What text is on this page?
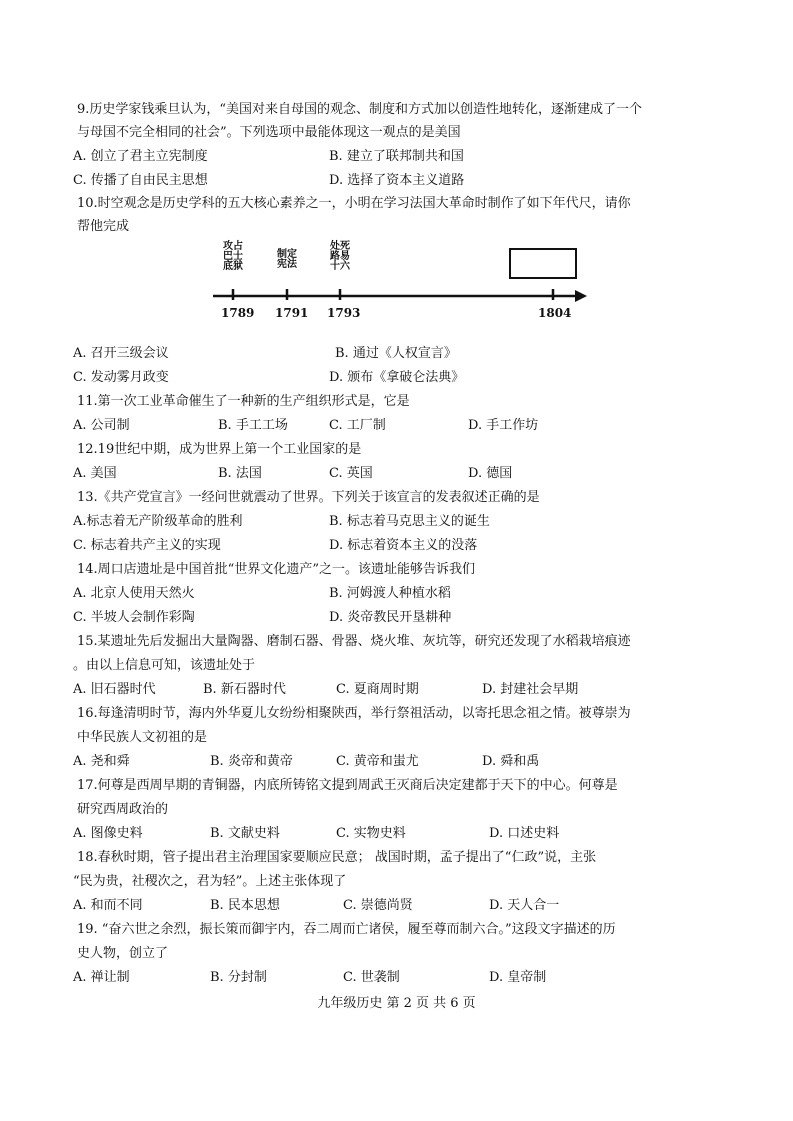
9.历史学家钱乘旦认为，“美国对来自母国的观念、制度和方式加以创造性地转化，逐渐建成了一个
与母国不完全相同的社会”。下列选项中最能体现这一观点的是美国
A. 创立了君主立宪制度	B. 建立了联邦制共和国
C. 传播了自由民主思想	D. 选择了资本主义道路
10.时空观念是历史学科的五大核心素养之一，小明在学习法国大革命时制作了如下年代尺，请你
帮他完成
攻占
巴士
底狱
制定
宪法
处死
路易
十六
1789 1791 1793	1804
A. 召开三级会议	B. 通过《人权宣言》
C. 发动雾月政变	D. 颁布《拿破仑法典》
11.第一次工业革命催生了一种新的生产组织形式是，它是
A. 公司制	B. 手工工场	C. 工厂制	D. 手工作坊
12.19世纪中期，成为世界上第一个工业国家的是
A. 美国	B. 法国	C. 英国	D. 德国
13.《共产党宣言》一经问世就震动了世界。下列关于该宣言的发表叙述正确的是
A.标志着无产阶级革命的胜利	B. 标志着马克思主义的诞生
C. 标志着共产主义的实现	D. 标志着资本主义的没落
14.周口店遗址是中国首批“世界文化遗产”之一。该遗址能够告诉我们
A. 北京人使用天然火	B. 河姆渡人种植水稻
C. 半坡人会制作彩陶	D. 炎帝教民开垦耕种
15.某遗址先后发掘出大量陶器、磨制石器、骨器、烧火堆、灰坑等，研究还发现了水稻栽培痕迹
。由以上信息可知，该遗址处于
A. 旧石器时代	B. 新石器时代	C. 夏商周时期	D. 封建社会早期
16.每逢清明时节，海内外华夏儿女纷纷相聚陕西，举行祭祖活动，以寄托思念祖之情。被尊崇为
中华民族人文初祖的是
A. 尧和舜	B. 炎帝和黄帝	C. 黄帝和蚩尤	D. 舜和禹
17.何尊是西周早期的青铜器，内底所铸铭文提到周武王灭商后决定建都于天下的中心。何尊是
研究西周政治的
A. 图像史料	B. 文献史料	C. 实物史料	D. 口述史料
18.春秋时期，管子提出君主治理国家要顺应民意； 战国时期，孟子提出了“仁政”说，主张
“民为贵，社稷次之，君为轻”。上述主张体现了
A. 和而不同	B. 民本思想	C. 崇德尚贤	D. 天人合一
19. “奋六世之余烈，振长策而御宇内，吞二周而亡诸侯，履至尊而制六合。”这段文字描述的历
史人物，创立了
A. 禅让制	B. 分封制	C. 世袭制	D. 皇帝制
九年级历史 第 2 页 共 6 页
